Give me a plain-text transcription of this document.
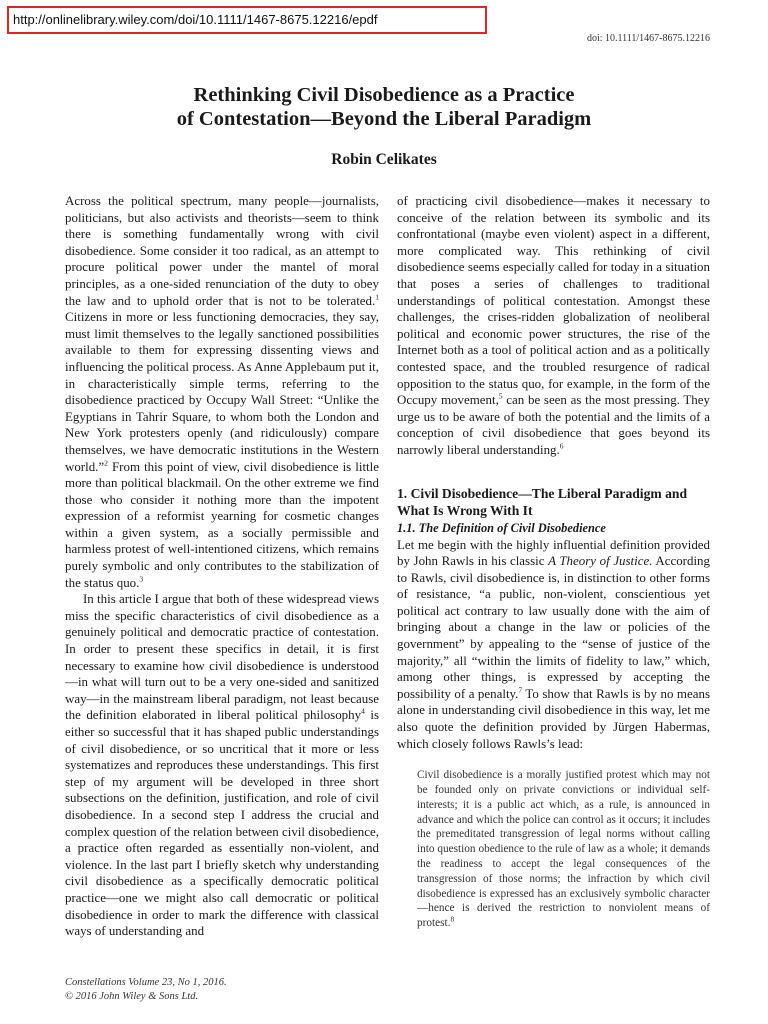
http://onlinelibrary.wiley.com/doi/10.1111/1467-8675.12216/epdf
doi: 10.1111/1467-8675.12216
Rethinking Civil Disobedience as a Practice
of Contestation—Beyond the Liberal Paradigm
Robin Celikates

Across the political spectrum, many people—journalists, politicians, but also activists and theorists—seem to think there is something fundamentally wrong with civil disobedience. Some consider it too radical, as an attempt to procure political power under the mantel of moral principles, as a one-sided renunciation of the duty to obey the law and to uphold order that is not to be tolerated.$^1$ Citizens in more or less functioning democracies, they say, must limit themselves to the legally sanctioned possibilities available to them for expressing dissenting views and influencing the political process. As Anne Applebaum put it, in characteristically simple terms, referring to the disobedience practiced by Occupy Wall Street: “Unlike the Egyptians in Tahrir Square, to whom both the London and New York protesters openly (and ridiculously) compare themselves, we have democratic institutions in the Western world.”$^2$ From this point of view, civil disobedience is little more than political blackmail. On the other extreme we find those who consider it nothing more than the impotent expression of a reformist yearning for cosmetic changes within a given system, as a socially permissible and harmless protest of well-intentioned citizens, which remains purely symbolic and only contributes to the stabilization of the status quo.$^3$

In this article I argue that both of these widespread views miss the specific characteristics of civil disobedience as a genuinely political and democratic practice of contestation. In order to present these specifics in detail, it is first necessary to examine how civil disobedience is understood—in what will turn out to be a very one-sided and sanitized way—in the mainstream liberal paradigm, not least because the definition elaborated in liberal political philosophy$^4$ is either so successful that it has shaped public understandings of civil disobedience, or so uncritical that it more or less systematizes and reproduces these understandings. This first step of my argument will be developed in three short subsections on the definition, justification, and role of civil disobedience. In a second step I address the crucial and complex question of the relation between civil disobedience, a practice often regarded as essentially non-violent, and violence. In the last part I briefly sketch why understanding civil disobedience as a specifically democratic political practice—one we might also call democratic or political disobedience in order to mark the difference with classical ways of understanding and

of practicing civil disobedience—makes it necessary to conceive of the relation between its symbolic and its confrontational (maybe even violent) aspect in a different, more complicated way. This rethinking of civil disobedience seems especially called for today in a situation that poses a series of challenges to traditional understandings of political contestation. Amongst these challenges, the crises-ridden globalization of neoliberal political and economic power structures, the rise of the Internet both as a tool of political action and as a politically contested space, and the troubled resurgence of radical opposition to the status quo, for example, in the form of the Occupy movement,$^5$ can be seen as the most pressing. They urge us to be aware of both the potential and the limits of a conception of civil disobedience that goes beyond its narrowly liberal understanding.$^6$

1. Civil Disobedience—The Liberal Paradigm and What Is Wrong With It
1.1. The Definition of Civil Disobedience

Let me begin with the highly influential definition provided by John Rawls in his classic A Theory of Justice. According to Rawls, civil disobedience is, in distinction to other forms of resistance, “a public, non-violent, conscientious yet political act contrary to law usually done with the aim of bringing about a change in the law or policies of the government” by appealing to the “sense of justice of the majority,” all “within the limits of fidelity to law,” which, among other things, is expressed by accepting the possibility of a penalty.$^7$ To show that Rawls is by no means alone in understanding civil disobedience in this way, let me also quote the definition provided by Jürgen Habermas, which closely follows Rawls’s lead:

Civil disobedience is a morally justified protest which may not be founded only on private convictions or individual self-interests; it is a public act which, as a rule, is announced in advance and which the police can control as it occurs; it includes the premeditated transgression of legal norms without calling into question obedience to the rule of law as a whole; it demands the readiness to accept the legal consequences of the transgression of those norms; the infraction by which civil disobedience is expressed has an exclusively symbolic character—hence is derived the restriction to nonviolent means of protest.$^8$
Constellations Volume 23, No 1, 2016.
© 2016 John Wiley & Sons Ltd.
